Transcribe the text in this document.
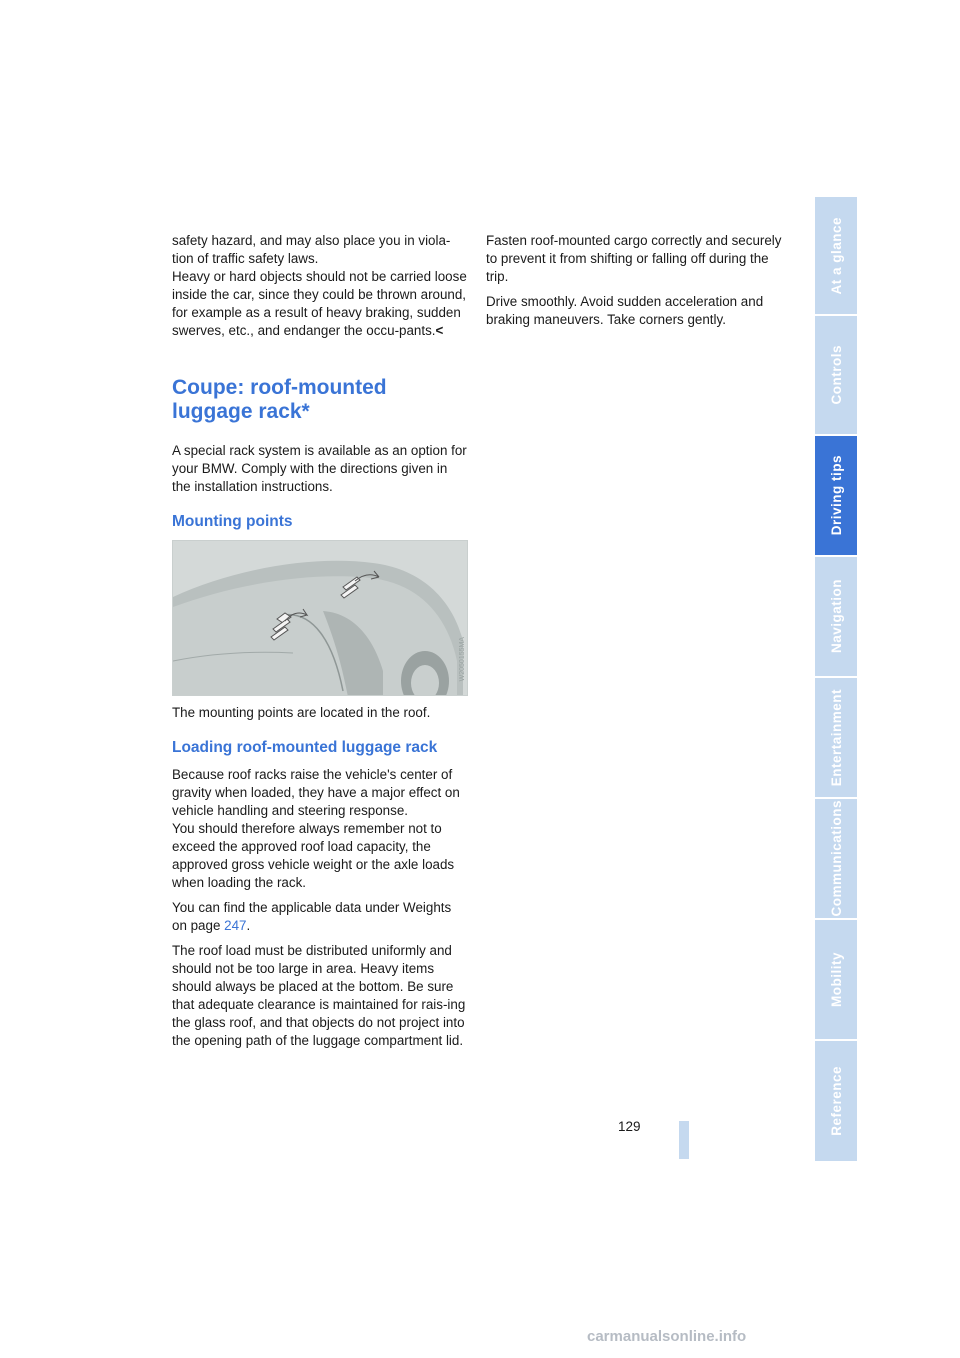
safety hazard, and may also place you in viola-tion of traffic safety laws.

Heavy or hard objects should not be carried loose inside the car, since they could be thrown around, for example as a result of heavy braking, sudden swerves, etc., and endanger the occu-pants.<

Coupe: roof-mounted luggage rack*

A special rack system is available as an option for your BMW. Comply with the directions given in the installation instructions.

Mounting points
W2050155MA

The mounting points are located in the roof.

Loading roof-mounted luggage rack

Because roof racks raise the vehicle's center of gravity when loaded, they have a major effect on vehicle handling and steering response.

You should therefore always remember not to exceed the approved roof load capacity, the approved gross vehicle weight or the axle loads when loading the rack.

You can find the applicable data under Weights on page 247.

The roof load must be distributed uniformly and should not be too large in area. Heavy items should always be placed at the bottom. Be sure that adequate clearance is maintained for rais-ing the glass roof, and that objects do not project into the opening path of the luggage compartment lid.

Fasten roof-mounted cargo correctly and securely to prevent it from shifting or falling off during the trip.

Drive smoothly. Avoid sudden acceleration and braking maneuvers. Take corners gently.

At a glance
Controls
Driving tips
Navigation
Entertainment
Communications
Mobility
Reference
129
carmanualsonline.info
